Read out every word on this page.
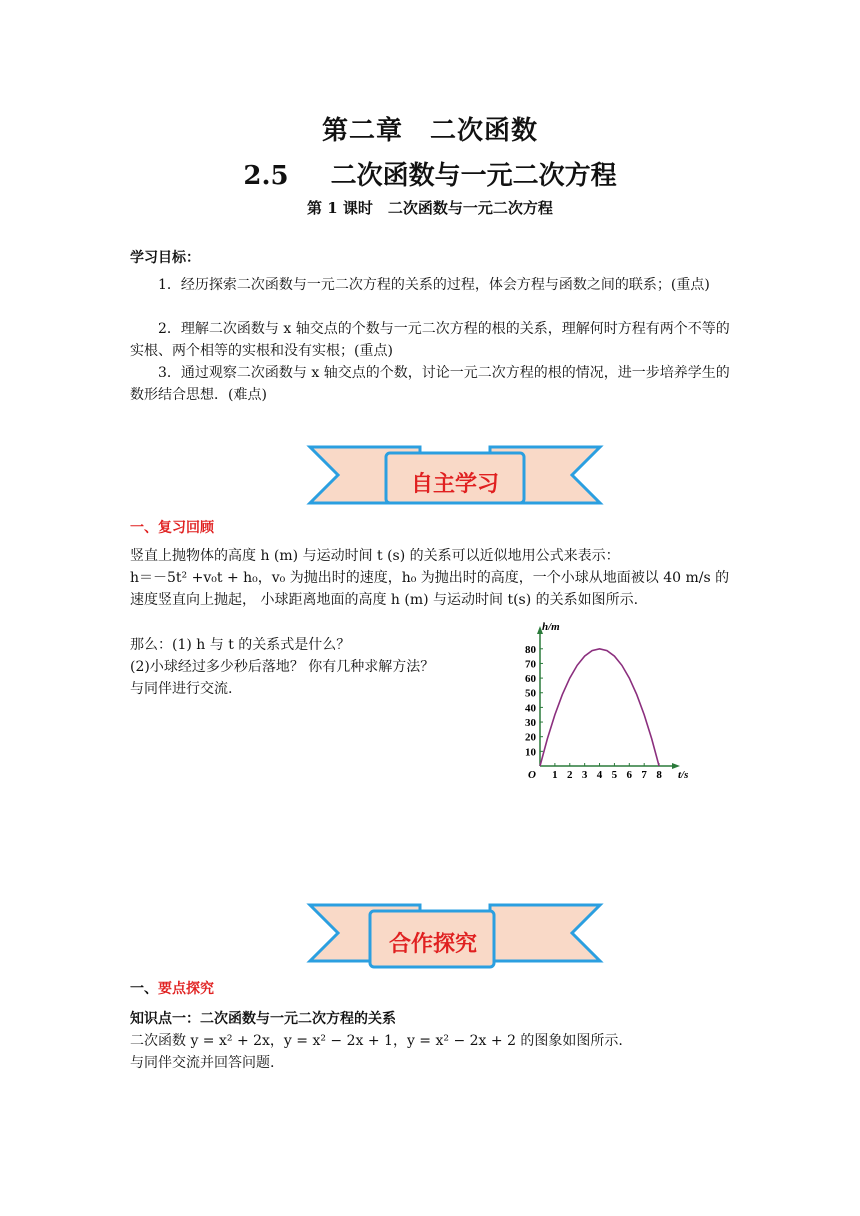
第二章　二次函数
2.5 二次函数与一元二次方程
第 1 课时　二次函数与一元二次方程
学习目标：
1．经历探索二次函数与一元二次方程的关系的过程，体会方程与函数之间的联系；(重点)
2．理解二次函数与 x 轴交点的个数与一元二次方程的根的关系，理解何时方程有两个不等的实根、两个相等的实根和没有实根；(重点)
3．通过观察二次函数与 x 轴交点的个数，讨论一元二次方程的根的情况，进一步培养学生的数形结合思想．(难点)
自主学习
一、复习回顾
竖直上抛物体的高度 h (m) 与运动时间 t (s) 的关系可以近似地用公式来表示：
h＝－5t² +v₀t + h₀，v₀ 为抛出时的速度，h₀ 为抛出时的高度，一个小球从地面被以 40 m/s 的速度竖直向上抛起， 小球距离地面的高度 h (m) 与运动时间 t(s) 的关系如图所示.
那么：(1) h 与 t 的关系式是什么？
(2)小球经过多少秒后落地？ 你有几种求解方法？
与同伴进行交流.
h/m
t/s
O
10
20
30
40
50
60
70
80
1 2 3 4 5 6 7 8
合作探究
一、要点探究
知识点一：二次函数与一元二次方程的关系
二次函数 y = x² + 2x，y = x² − 2x + 1，y = x² − 2x + 2 的图象如图所示.
与同伴交流并回答问题.
